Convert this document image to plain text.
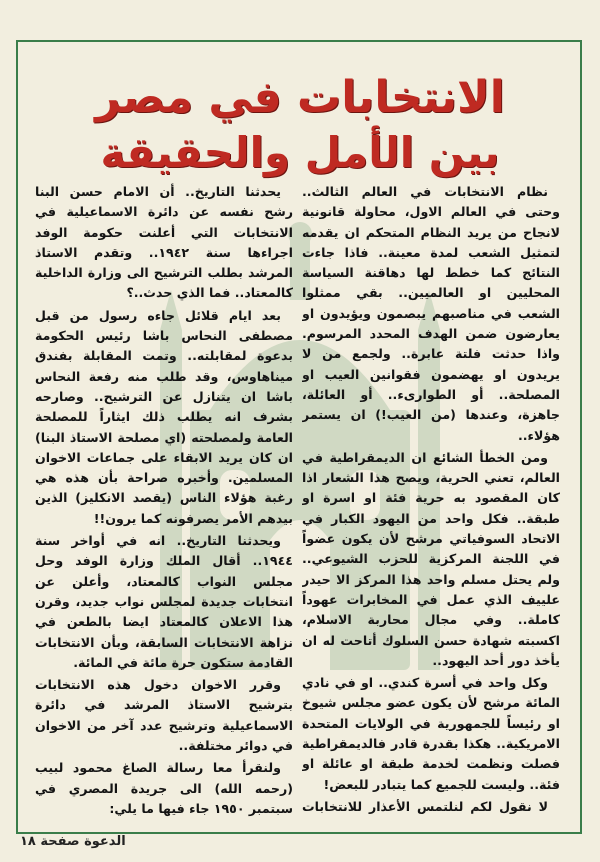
الانتخابات في مصر
بين الأمل والحقيقة

نظام الانتخابات في العالم الثالث.. وحتى في العالم الاول، محاولة قانونية لانجاح من يريد النظام المتحكم ان يقدمه لتمثيل الشعب لمدة معينة.. فاذا جاءت النتائج كما خطط لها دهاقنة السياسة المحليين او العالميين.. بقي ممثلوا الشعب في مناصبهم يبصمون ويؤيدون او يعارضون ضمن الهدف المحدد المرسوم. واذا حدثت فلتة عابرة.. ولجمع من لا يريدون او يهضمون فقوانين العيب او المصلحة.. أو الطوارىء.. أو العائلة، جاهزة، وعندها (من العيب!) ان يستمر هؤلاء..

ومن الخطأ الشائع ان الديمقراطية في العالم، تعني الحرية، ويصح هذا الشعار اذا كان المقصود به حرية فئة او اسرة او طبقة.. فكل واحد من اليهود الكبار في الاتحاد السوفياتي مرشح لأن يكون عضواً في اللجنة المركزية للحزب الشيوعي.. ولم يحتل مسلم واحد هذا المركز الا حيدر علييف الذي عمل في المخابرات عهوداً كاملة.. وفي مجال محاربة الاسلام، اكسبته شهادة حسن السلوك أتاحت له ان يأخذ دور أحد اليهود..

وكل واحد في أسرة كندي.. او في نادي المائة مرشح لأن يكون عضو مجلس شيوخ او رئيساً للجمهورية في الولايات المتحدة الامريكية.. هكذا بقدرة قادر فالديمقراطية فصلت ونظمت لخدمة طبقة او عائلة او فئة.. وليست للجميع كما يتبادر للبعض!

لا نقول لكم لنلتمس الأعذار للانتخابات

يحدثنا التاريخ.. أن الامام حسن البنا رشح نفسه عن دائرة الاسماعيلية في الانتخابات التي أعلنت حكومة الوفد اجراءها سنة ١٩٤٢.. وتقدم الاستاذ المرشد بطلب الترشيح الى وزارة الداخلية كالمعتاد.. فما الذي حدث..؟

بعد ايام قلائل جاءه رسول من قبل مصطفى النحاس باشا رئيس الحكومة بدعوة لمقابلته.. وتمت المقابلة بفندق ميناهاوس، وقد طلب منه رفعة النحاس باشا ان يتنازل عن الترشيح.. وصارحه بشرف انه يطلب ذلك ايثاراً للمصلحة العامة ولمصلحته (اي مصلحة الاستاذ البنا) ان كان يريد الابقاء على جماعات الاخوان المسلمين. وأخبره صراحة بأن هذه هي رغبة هؤلاء الناس (يقصد الانكليز) الذين بيدهم الأمر يصرفونه كما يرون!!

ويحدثنا التاريخ.. انه في أواخر سنة ١٩٤٤.. أقال الملك وزارة الوفد وحل مجلس النواب كالمعتاد، وأعلن عن انتخابات جديدة لمجلس نواب جديد، وقرن هذا الاعلان كالمعتاد ايضا بالطعن في نزاهة الانتخابات السابقة، وبأن الانتخابات القادمة ستكون حرة مائة في المائة.

وقرر الاخوان دخول هذه الانتخابات بترشيح الاستاذ المرشد في دائرة الاسماعيلية وترشيح عدد آخر من الاخوان في دوائر مختلفة..

ولنقرأ معا رسالة الصاغ محمود لبيب (رحمه الله) الى جريدة المصري في سبتمبر ١٩٥٠ جاء فيها ما يلي:

الدعوة صفحة ١٨
